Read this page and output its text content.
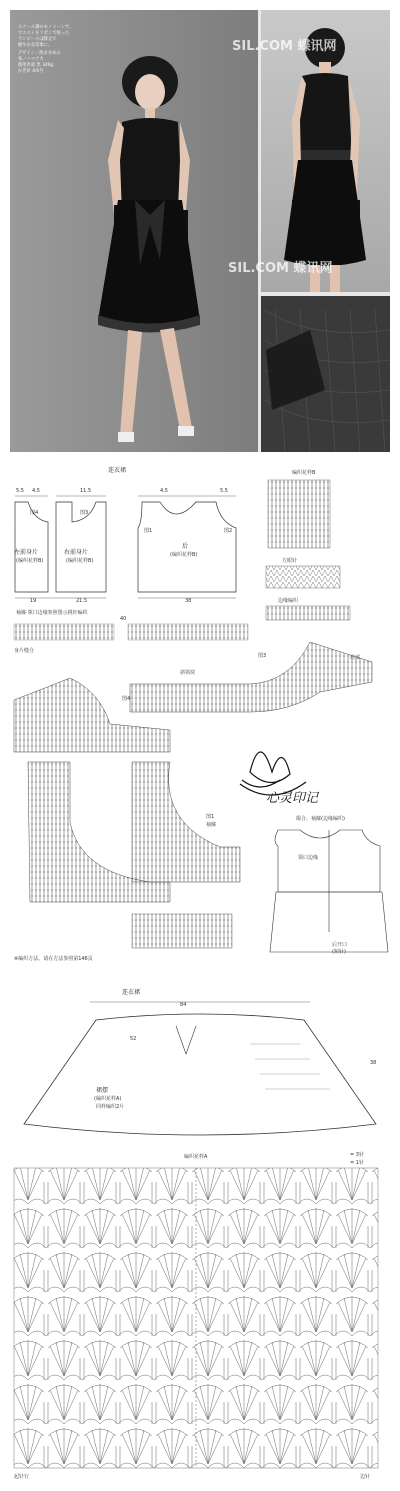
スクール調のモノトーンで、
ウエストをリボンで絞った
ワンピースは膝丈で
軽やかな印象に。
デザイン／池永まゆみ
糸／ハマナカ
使用糸量 黒 340g
かぎ針 4/0号
SIL.COM 蝶讯网
SIL.COM 蝶讯网
连衣裙
图4	图3
图1	图2
左前身片
(编织花样B)
右前身片
(编织花样B)
后
(编织花样B)
5.5 4.5	11.5	4.5	5.5
38
19
40
21.5
袖窿·领口边缘参照图示挑针编织
编织花样B
方眼针
边缘编织
身片缝合
图3
斜领窝
图4
图1
袖窿
※编织方法、请在方法参照第146页
心灵印记
缀合、袖窿(边缘编织)
后开口
(短针)
领口边缘
连衣裙
84
裙摆
(编织花样A)
同样编织2片
38
52
编织花样A	= 3针
= 1针
起针行	边针
